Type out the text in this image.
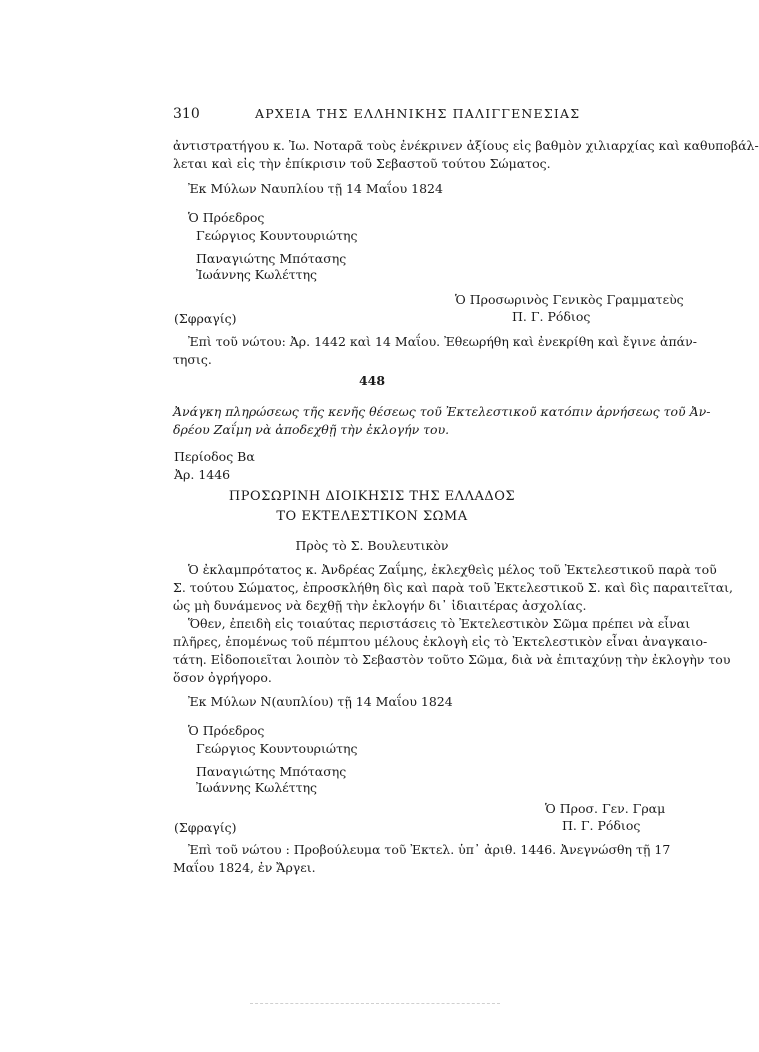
310	ΑΡΧΕΙΑ ΤΗΣ ΕΛΛΗΝΙΚΗΣ ΠΑΛΙΓΓΕΝΕΣΙΑΣ
ἀντιστρατήγου κ. Ἰω. Νοταρᾶ τοὺς ἐνέκρινεν ἀξίους εἰς βαθμὸν χιλιαρχίας καὶ καθυποβάλ-
λεται καὶ εἰς τὴν ἐπίκρισιν τοῦ Σεβαστοῦ τούτου Σώματος.
Ἐκ Μύλων Ναυπλίου τῇ 14 Μαΐου 1824
Ὁ Πρόεδρος
Γεώργιος Κουντουριώτης
Παναγιώτης Μπότασης
Ἰωάννης Κωλέττης
Ὁ Προσωρινὸς Γενικὸς Γραμματεὺς
Π. Γ. Ρόδιος
(Σφραγίς)
Ἐπὶ τοῦ νώτου: Ἀρ. 1442 καὶ 14 Μαΐου. Ἐθεωρήθη καὶ ἐνεκρίθη καὶ ἔγινε ἀπάν-
τησις.
448
Ἀνάγκη πληρώσεως τῆς κενῆς θέσεως τοῦ Ἐκτελεστικοῦ κατόπιν ἀρνήσεως τοῦ Ἀν-
δρέου Ζαΐμη νὰ ἀποδεχθῇ τὴν ἐκλογήν του.
Περίοδος Βα
Ἀρ. 1446
ΠΡΟΣΩΡΙΝΗ ΔΙΟΙΚΗΣΙΣ ΤΗΣ ΕΛΛΑΔΟΣ
ΤΟ ΕΚΤΕΛΕΣΤΙΚΟΝ ΣΩΜΑ
Πρὸς τὸ Σ. Βουλευτικὸν
Ὁ ἐκλαμπρότατος κ. Ἀνδρέας Ζαΐμης, ἐκλεχθεὶς μέλος τοῦ Ἐκτελεστικοῦ παρὰ τοῦ
Σ. τούτου Σώματος, ἐπροσκλήθη δὶς καὶ παρὰ τοῦ Ἐκτελεστικοῦ Σ. καὶ δὶς παραιτεῖται,
ὡς μὴ δυνάμενος νὰ δεχθῇ τὴν ἐκλογήν δι᾽ ἰδιαιτέρας ἀσχολίας.
Ὅθεν, ἐπειδὴ εἰς τοιαύτας περιστάσεις τὸ Ἐκτελεστικὸν Σῶμα πρέπει νὰ εἶναι
πλῆρες, ἑπομένως τοῦ πέμπτου μέλους ἐκλογὴ εἰς τὸ Ἐκτελεστικὸν εἶναι ἀναγκαιο-
τάτη. Εἰδοποιεῖται λοιπὸν τὸ Σεβαστὸν τοῦτο Σῶμα, διὰ νὰ ἐπιταχύνῃ τὴν ἐκλογὴν του
ὅσον ὀγρήγορο.
Ἐκ Μύλων Ν(αυπλίου) τῇ 14 Μαΐου 1824
Ὁ Πρόεδρος
Γεώργιος Κουντουριώτης
Παναγιώτης Μπότασης
Ἰωάννης Κωλέττης
Ὁ Προσ. Γεν. Γραμ
Π. Γ. Ρόδιος
(Σφραγίς)
Ἐπὶ τοῦ νώτου : Προβούλευμα τοῦ Ἐκτελ. ὑπ᾽ ἀριθ. 1446. Ἀνεγνώσθη τῇ 17
Μαΐου 1824, ἐν Ἄργει.
